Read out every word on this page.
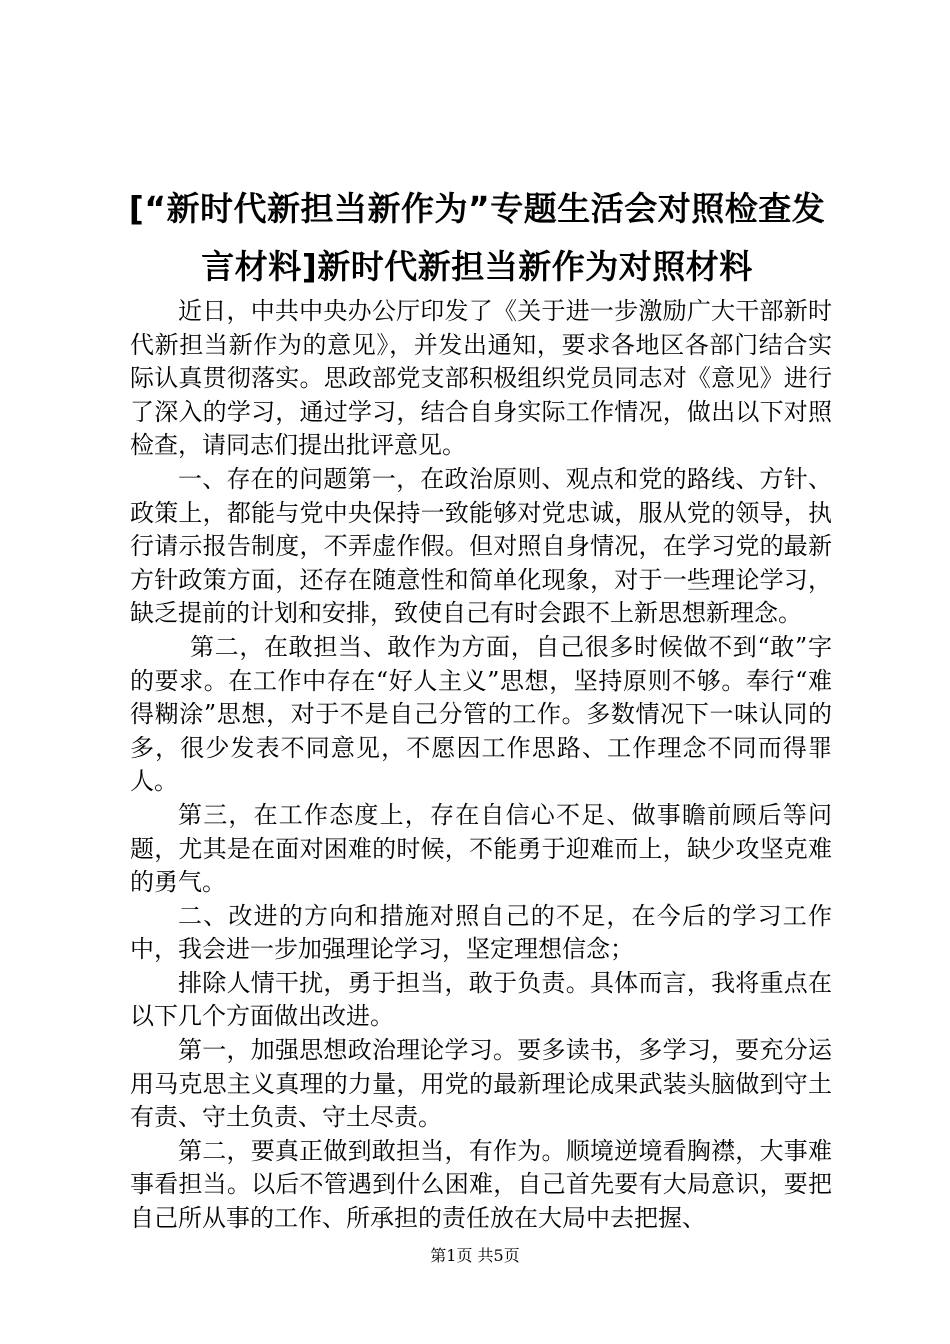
[“新时代新担当新作为”专题生活会对照检查发言材料]新时代新担当新作为对照材料

近日，中共中央办公厅印发了《关于进一步激励广大干部新时代新担当新作为的意见》，并发出通知，要求各地区各部门结合实际认真贯彻落实。思政部党支部积极组织党员同志对《意见》进行了深入的学习，通过学习，结合自身实际工作情况，做出以下对照检查，请同志们提出批评意见。

一、存在的问题第一，在政治原则、观点和党的路线、方针、政策上，都能与党中央保持一致能够对党忠诚，服从党的领导，执行请示报告制度，不弄虚作假。但对照自身情况，在学习党的最新方针政策方面，还存在随意性和简单化现象，对于一些理论学习，缺乏提前的计划和安排，致使自己有时会跟不上新思想新理念。

第二，在敢担当、敢作为方面，自己很多时候做不到“敢”字的要求。在工作中存在“好人主义”思想，坚持原则不够。奉行“难得糊涂”思想，对于不是自己分管的工作。多数情况下一味认同的多，很少发表不同意见，不愿因工作思路、工作理念不同而得罪人。

第三，在工作态度上，存在自信心不足、做事瞻前顾后等问题，尤其是在面对困难的时候，不能勇于迎难而上，缺少攻坚克难的勇气。

二、改进的方向和措施对照自己的不足，在今后的学习工作中，我会进一步加强理论学习，坚定理想信念；

排除人情干扰，勇于担当，敢于负责。具体而言，我将重点在以下几个方面做出改进。

第一，加强思想政治理论学习。要多读书，多学习，要充分运用马克思主义真理的力量，用党的最新理论成果武装头脑做到守土有责、守土负责、守土尽责。

第二，要真正做到敢担当，有作为。顺境逆境看胸襟，大事难事看担当。以后不管遇到什么困难，自己首先要有大局意识，要把自己所从事的工作、所承担的责任放在大局中去把握、

第1页 共5页
